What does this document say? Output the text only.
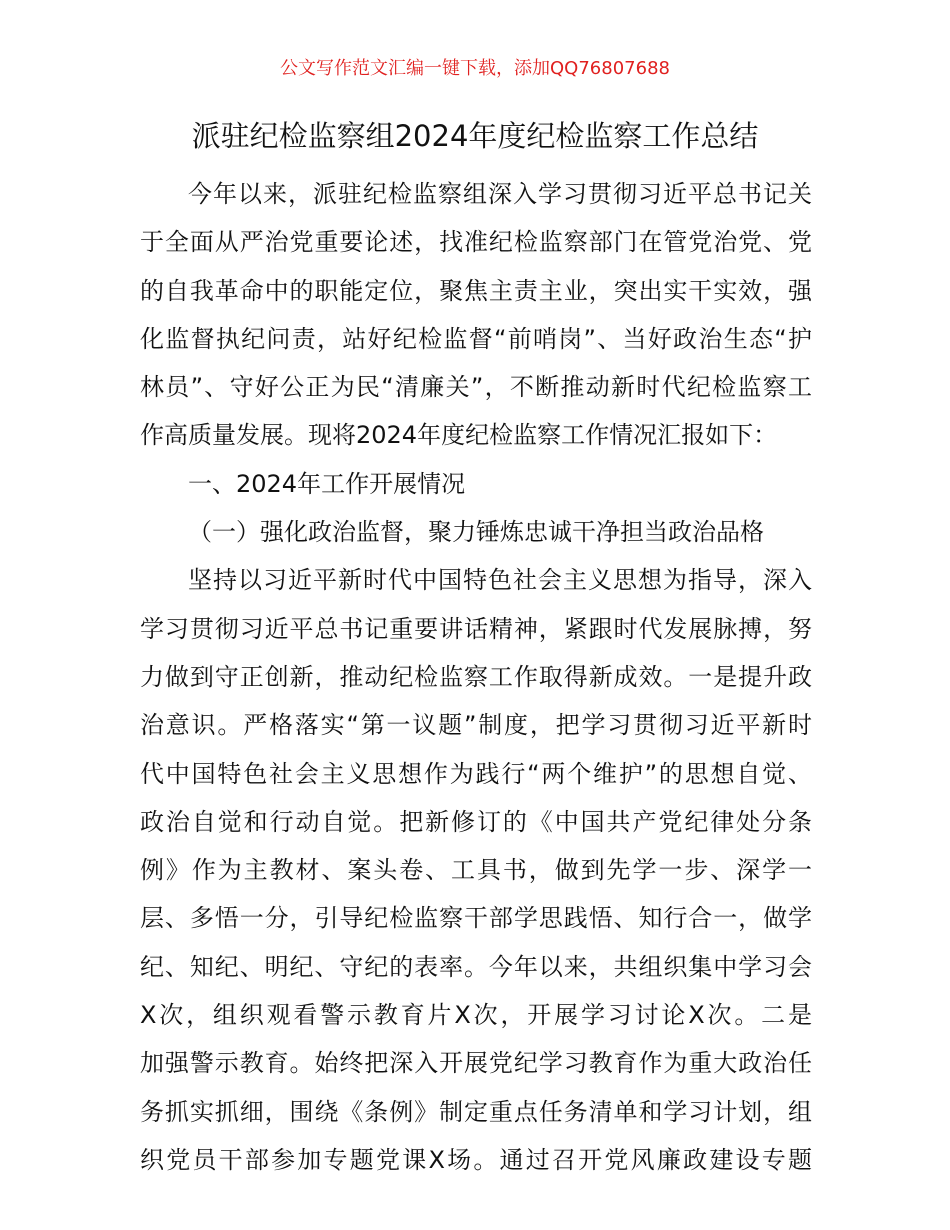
公文写作范文汇编一键下载，添加QQ76807688
派驻纪检监察组2024年度纪检监察工作总结
今年以来，派驻纪检监察组深入学习贯彻习近平总书记关
于全面从严治党重要论述，找准纪检监察部门在管党治党、党
的自我革命中的职能定位，聚焦主责主业，突出实干实效，强
化监督执纪问责，站好纪检监督“前哨岗”、当好政治生态“护
林员”、守好公正为民“清廉关”，不断推动新时代纪检监察工
作高质量发展。现将2024年度纪检监察工作情况汇报如下：
一、2024年工作开展情况
（一）强化政治监督，聚力锤炼忠诚干净担当政治品格
坚持以习近平新时代中国特色社会主义思想为指导，深入
学习贯彻习近平总书记重要讲话精神，紧跟时代发展脉搏，努
力做到守正创新，推动纪检监察工作取得新成效。一是提升政
治意识。严格落实“第一议题”制度，把学习贯彻习近平新时
代中国特色社会主义思想作为践行“两个维护”的思想自觉、
政治自觉和行动自觉。把新修订的《中国共产党纪律处分条
例》作为主教材、案头卷、工具书，做到先学一步、深学一
层、多悟一分，引导纪检监察干部学思践悟、知行合一，做学
纪、知纪、明纪、守纪的表率。今年以来，共组织集中学习会
X次，组织观看警示教育片X次，开展学习讨论X次。二是
加强警示教育。始终把深入开展党纪学习教育作为重大政治任
务抓实抓细，围绕《条例》制定重点任务清单和学习计划，组
织党员干部参加专题党课X场。通过召开党风廉政建设专题
